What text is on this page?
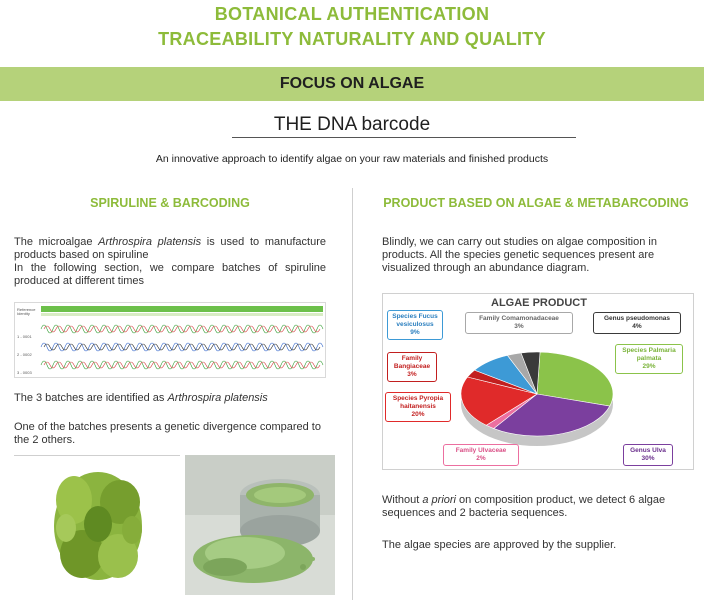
BOTANICAL AUTHENTICATION
TRACEABILITY NATURALITY AND QUALITY
FOCUS ON ALGAE
THE DNA barcode
An innovative approach to identify algae on your raw materials and finished products
SPIRULINE & BARCODING
The microalgae Arthrospira platensis is used to manufacture products based on spiruline
In the following section, we compare batches of spiruline produced at different times
Reference Identity
1 - 0001
2 - 0002
3 - 0003
The 3 batches are identified as Arthrospira platensis
One of the batches presents a genetic divergence compared to the 2 others.
PRODUCT BASED ON ALGAE & METABARCODING
Blindly, we can carry out studies on algae composition in products. All the species genetic sequences present are visualized through an abundance diagram.
ALGAE PRODUCT
Species Fucus vesiculosus
9%
Family Comamonadaceae
3%
Genus pseudomonas
4%
Species Palmaria palmata
29%
Family Bangiaceae
3%
Species Pyropia haitanensis
20%
Family Ulvaceae
2%
Genus Ulva
30%
Without a priori on composition product, we detect 6 algae sequences and 2 bacteria sequences.
The algae species are approved by the supplier.
